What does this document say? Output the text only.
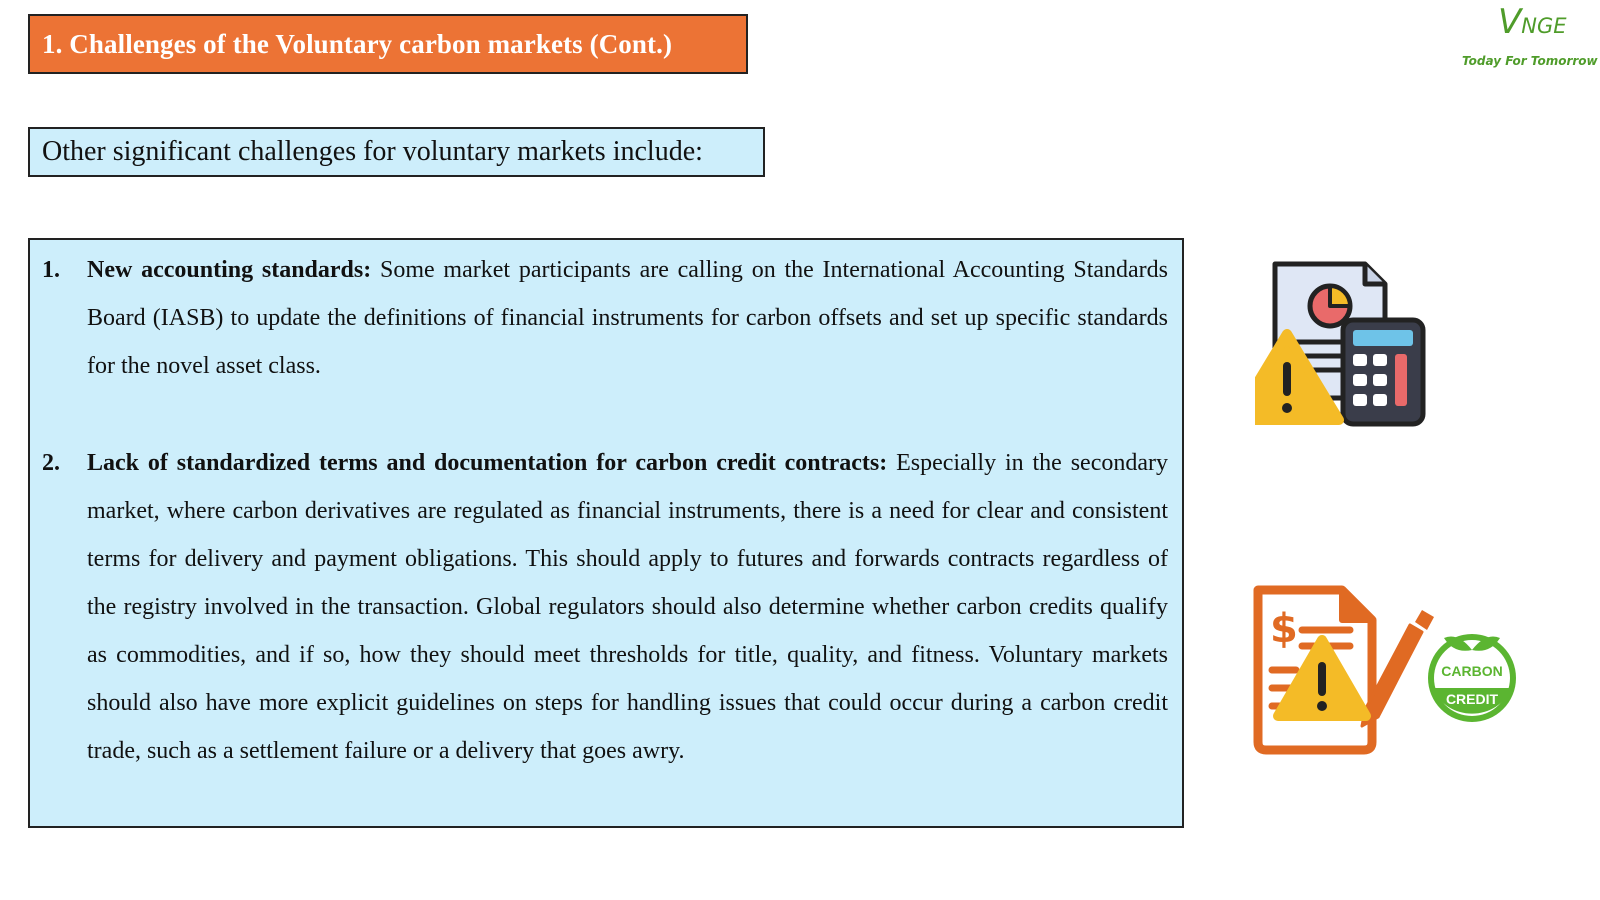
1. Challenges of the Voluntary carbon markets (Cont.)
VNGE
Today For Tomorrow
Other significant challenges for voluntary markets include:
1. New accounting standards: Some market participants are calling on the International Accounting Standards Board (IASB) to update the definitions of financial instruments for carbon offsets and set up specific standards for the novel asset class.
2. Lack of standardized terms and documentation for carbon credit contracts: Especially in the secondary market, where carbon derivatives are regulated as financial instruments, there is a need for clear and consistent terms for delivery and payment obligations. This should apply to futures and forwards contracts regardless of the registry involved in the transaction. Global regulators should also determine whether carbon credits qualify as commodities, and if so, how they should meet thresholds for title, quality, and fitness. Voluntary markets should also have more explicit guidelines on steps for handling issues that could occur during a carbon credit trade, such as a settlement failure or a delivery that goes awry.
$
CARBON
CREDIT
